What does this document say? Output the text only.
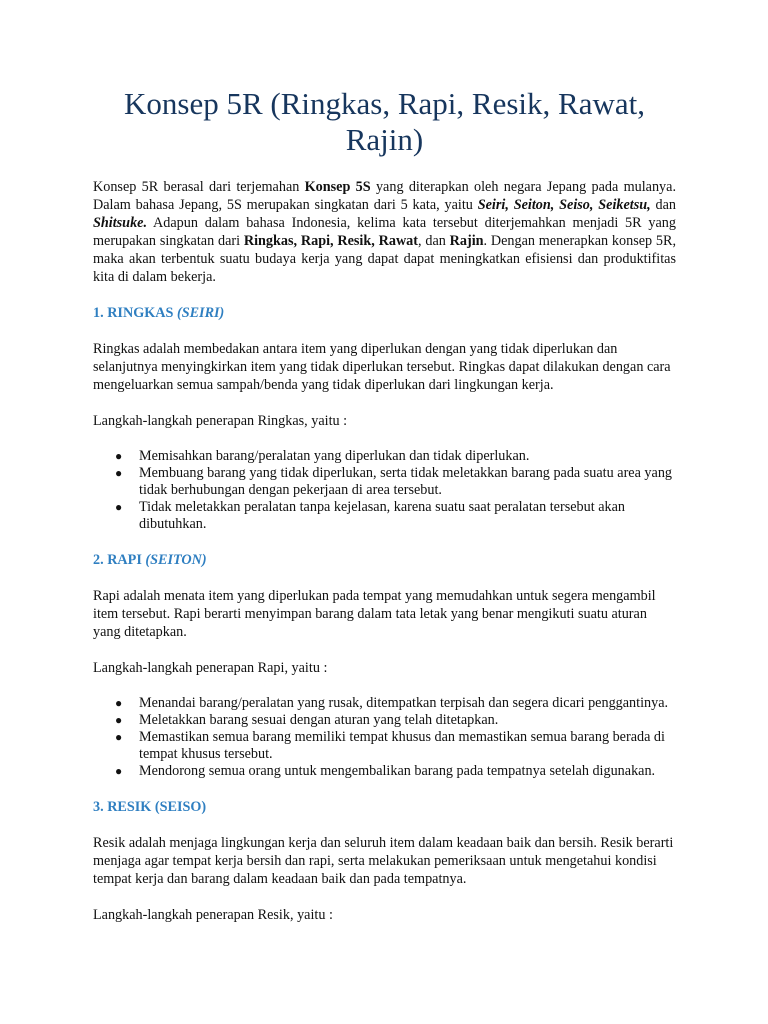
Konsep 5R (Ringkas, Rapi, Resik, Rawat, Rajin)

Konsep 5R berasal dari terjemahan Konsep 5S yang diterapkan oleh negara Jepang pada mulanya. Dalam bahasa Jepang, 5S merupakan singkatan dari 5 kata, yaitu Seiri, Seiton, Seiso, Seiketsu, dan Shitsuke. Adapun dalam bahasa Indonesia, kelima kata tersebut diterjemahkan menjadi 5R yang merupakan singkatan dari Ringkas, Rapi, Resik, Rawat, dan Rajin. Dengan menerapkan konsep 5R, maka akan terbentuk suatu budaya kerja yang dapat dapat meningkatkan efisiensi dan produktifitas kita di dalam bekerja.

1. RINGKAS (SEIRI)

Ringkas adalah membedakan antara item yang diperlukan dengan yang tidak diperlukan dan selanjutnya menyingkirkan item yang tidak diperlukan tersebut. Ringkas dapat dilakukan dengan cara mengeluarkan semua sampah/benda yang tidak diperlukan dari lingkungan kerja.

Langkah-langkah penerapan Ringkas, yaitu :

● Memisahkan barang/peralatan yang diperlukan dan tidak diperlukan.
● Membuang barang yang tidak diperlukan, serta tidak meletakkan barang pada suatu area yang tidak berhubungan dengan pekerjaan di area tersebut.
● Tidak meletakkan peralatan tanpa kejelasan, karena suatu saat peralatan tersebut akan dibutuhkan.

2. RAPI (SEITON)

Rapi adalah menata item yang diperlukan pada tempat yang memudahkan untuk segera mengambil item tersebut. Rapi berarti menyimpan barang dalam tata letak yang benar mengikuti suatu aturan yang ditetapkan.

Langkah-langkah penerapan Rapi, yaitu :

● Menandai barang/peralatan yang rusak, ditempatkan terpisah dan segera dicari penggantinya.
● Meletakkan barang sesuai dengan aturan yang telah ditetapkan.
● Memastikan semua barang memiliki tempat khusus dan memastikan semua barang berada di tempat khusus tersebut.
● Mendorong semua orang untuk mengembalikan barang pada tempatnya setelah digunakan.

3. RESIK (SEISO)

Resik adalah menjaga lingkungan kerja dan seluruh item dalam keadaan baik dan bersih. Resik berarti menjaga agar tempat kerja bersih dan rapi, serta melakukan pemeriksaan untuk mengetahui kondisi tempat kerja dan barang dalam keadaan baik dan pada tempatnya.

Langkah-langkah penerapan Resik, yaitu :
